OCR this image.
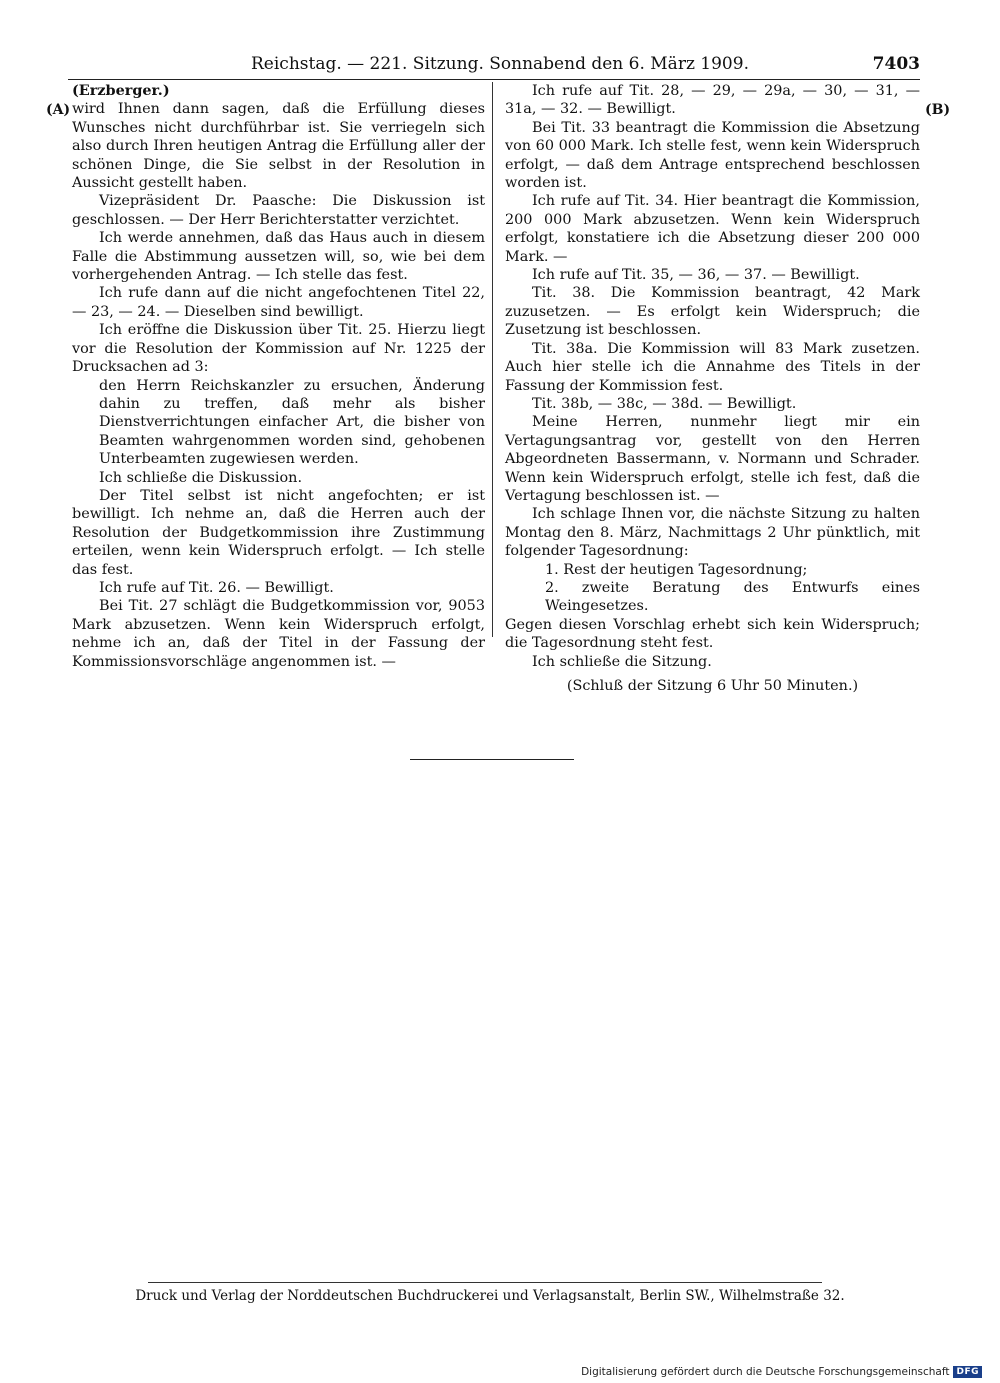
Reichstag. — 221. Sitzung. Sonnabend den 6. März 1909.	7403
(A)	(B)

(Erzberger.)

wird Ihnen dann sagen, daß die Erfüllung dieses Wunsches nicht durchführbar ist. Sie verriegeln sich also durch Ihren heutigen Antrag die Erfüllung aller der schönen Dinge, die Sie selbst in der Resolution in Aussicht gestellt haben.

Vizepräsident Dr. Paasche: Die Diskussion ist geschlossen. — Der Herr Berichterstatter verzichtet.

Ich werde annehmen, daß das Haus auch in diesem Falle die Abstimmung aussetzen will, so, wie bei dem vorhergehenden Antrag. — Ich stelle das fest.

Ich rufe dann auf die nicht angefochtenen Titel 22, — 23, — 24. — Dieselben sind bewilligt.

Ich eröffne die Diskussion über Tit. 25. Hierzu liegt vor die Resolution der Kommission auf Nr. 1225 der Drucksachen ad 3:

den Herrn Reichskanzler zu ersuchen, Änderung dahin zu treffen, daß mehr als bisher Dienstverrichtungen einfacher Art, die bisher von Beamten wahrgenommen worden sind, gehobenen Unterbeamten zugewiesen werden.

Ich schließe die Diskussion.

Der Titel selbst ist nicht angefochten; er ist bewilligt. Ich nehme an, daß die Herren auch der Resolution der Budgetkommission ihre Zustimmung erteilen, wenn kein Widerspruch erfolgt. — Ich stelle das fest.

Ich rufe auf Tit. 26. — Bewilligt.

Bei Tit. 27 schlägt die Budgetkommission vor, 9053 Mark abzusetzen. Wenn kein Widerspruch erfolgt, nehme ich an, daß der Titel in der Fassung der Kommissionsvorschläge angenommen ist. —

Ich rufe auf Tit. 28, — 29, — 29a, — 30, — 31, — 31a, — 32. — Bewilligt.

Bei Tit. 33 beantragt die Kommission die Absetzung von 60 000 Mark. Ich stelle fest, wenn kein Widerspruch erfolgt, — daß dem Antrage entsprechend beschlossen worden ist.

Ich rufe auf Tit. 34. Hier beantragt die Kommission, 200 000 Mark abzusetzen. Wenn kein Widerspruch erfolgt, konstatiere ich die Absetzung dieser 200 000 Mark. —

Ich rufe auf Tit. 35, — 36, — 37. — Bewilligt.

Tit. 38. Die Kommission beantragt, 42 Mark zuzusetzen. — Es erfolgt kein Widerspruch; die Zusetzung ist beschlossen.

Tit. 38a. Die Kommission will 83 Mark zusetzen. Auch hier stelle ich die Annahme des Titels in der Fassung der Kommission fest.

Tit. 38b, — 38c, — 38d. — Bewilligt.

Meine Herren, nunmehr liegt mir ein Vertagungsantrag vor, gestellt von den Herren Abgeordneten Bassermann, v. Normann und Schrader. Wenn kein Widerspruch erfolgt, stelle ich fest, daß die Vertagung beschlossen ist. —

Ich schlage Ihnen vor, die nächste Sitzung zu halten Montag den 8. März, Nachmittags 2 Uhr pünktlich, mit folgender Tagesordnung:

1. Rest der heutigen Tagesordnung;

2. zweite Beratung des Entwurfs eines Weingesetzes.

Gegen diesen Vorschlag erhebt sich kein Widerspruch; die Tagesordnung steht fest.

Ich schließe die Sitzung.

(Schluß der Sitzung 6 Uhr 50 Minuten.)

Druck und Verlag der Norddeutschen Buchdruckerei und Verlagsanstalt, Berlin SW., Wilhelmstraße 32.
Digitalisierung gefördert durch die Deutsche Forschungsgemeinschaft DFG
